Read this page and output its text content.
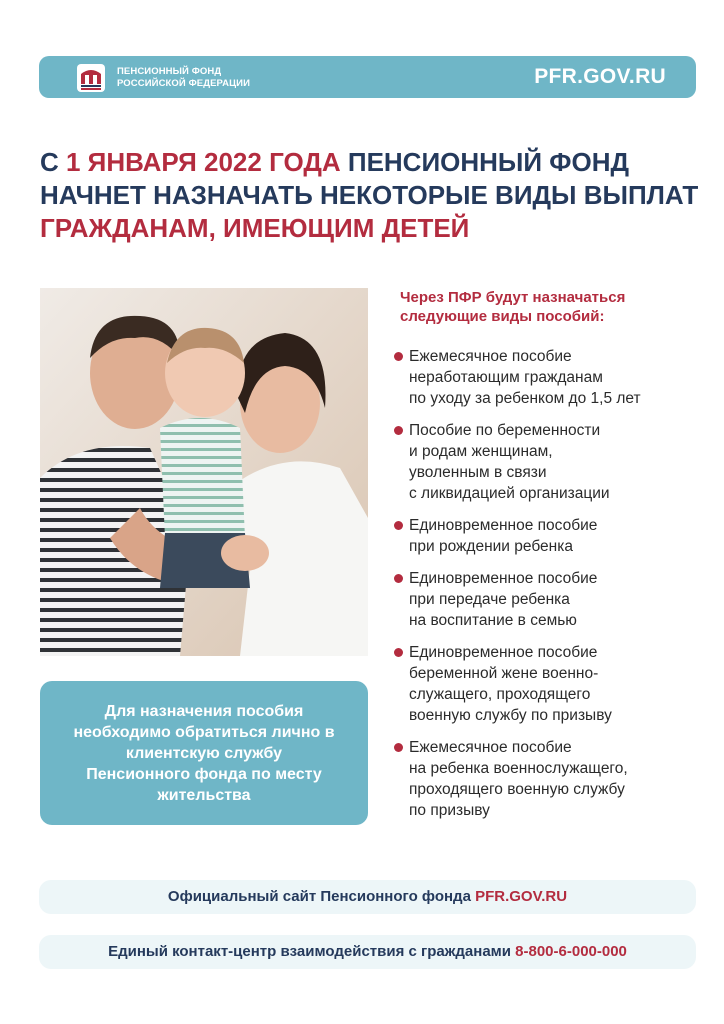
ПЕНСИОННЫЙ ФОНД
РОССИЙСКОЙ ФЕДЕРАЦИИ	PFR.GOV.RU
С 1 ЯНВАРЯ 2022 ГОДА ПЕНСИОННЫЙ ФОНД НАЧНЕТ НАЗНАЧАТЬ НЕКОТОРЫЕ ВИДЫ ВЫПЛАТ ГРАЖДАНАМ, ИМЕЮЩИМ ДЕТЕЙ
Для назначения пособия необходимо обратиться лично в клиентскую службу Пенсионного фонда по месту жительства
Через ПФР будут назначаться
следующие виды пособий:
Ежемесячное пособие
неработающим гражданам
по уходу за ребенком до 1,5 лет
Пособие по беременности
и родам женщинам,
уволенным в связи
с ликвидацией организации
Единовременное пособие
при рождении ребенка
Единовременное пособие
при передаче ребенка
на воспитание в семью
Единовременное пособие
беременной жене военно-
служащего, проходящего
военную службу по призыву
Ежемесячное пособие
на ребенка военнослужащего,
проходящего военную службу
по призыву
Официальный сайт Пенсионного фонда PFR.GOV.RU
Единый контакт-центр взаимодействия с гражданами 8-800-6-000-000
